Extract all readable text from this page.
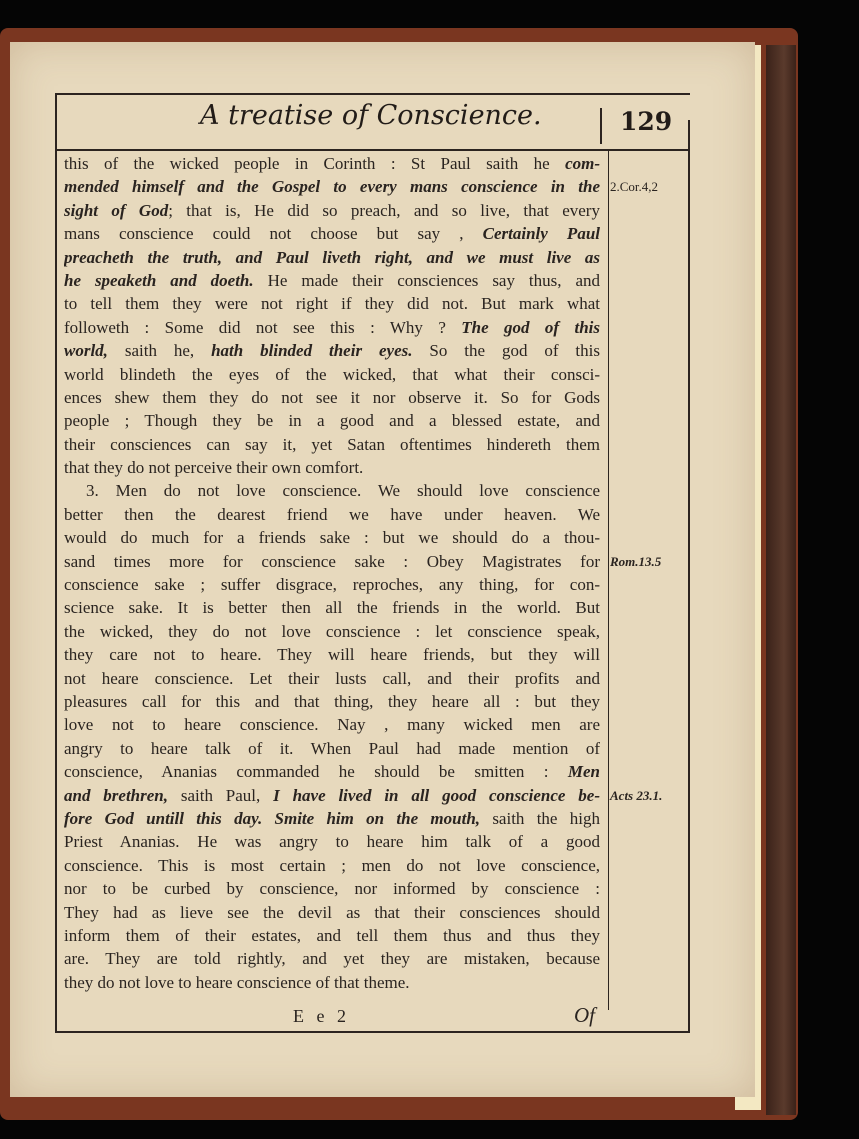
A treatise of Conscience.	129
this of the wicked people in Corinth : St Paul saith he com-
mended himself and the Gospel to every mans conscience in the
sight of God; that is, He did so preach, and so live, that every
mans conscience could not choose but say , Certainly Paul
preacheth the truth, and Paul liveth right, and we must live as
he speaketh and doeth. He made their consciences say thus, and
to tell them they were not right if they did not. But mark what
followeth : Some did not see this : Why ? The god of this
world, saith he, hath blinded their eyes. So the god of this
world blindeth the eyes of the wicked, that what their consci-
ences shew them they do not see it nor observe it. So for Gods
people ; Though they be in a good and a blessed estate, and
their consciences can say it, yet Satan oftentimes hindereth them
that they do not perceive their own comfort.
3. Men do not love conscience. We should love conscience
better then the dearest friend we have under heaven. We
would do much for a friends sake : but we should do a thou-
sand times more for conscience sake : Obey Magistrates for
conscience sake ; suffer disgrace, reproches, any thing, for con-
science sake. It is better then all the friends in the world. But
the wicked, they do not love conscience : let conscience speak,
they care not to heare. They will heare friends, but they will
not heare conscience. Let their lusts call, and their profits and
pleasures call for this and that thing, they heare all : but they
love not to heare conscience. Nay , many wicked men are
angry to heare talk of it. When Paul had made mention of
conscience, Ananias commanded he should be smitten : Men
and brethren, saith Paul, I have lived in all good conscience be-
fore God untill this day. Smite him on the mouth, saith the high
Priest Ananias. He was angry to heare him talk of a good
conscience. This is most certain ; men do not love conscience,
nor to be curbed by conscience, nor informed by conscience :
They had as lieve see the devil as that their consciences should
inform them of their estates, and tell them thus and thus they
are. They are told rightly, and yet they are mistaken, because
they do not love to heare conscience of that theme.
2.Cor.4,2
Rom.13.5
Acts 23.1.
E e 2	Of
